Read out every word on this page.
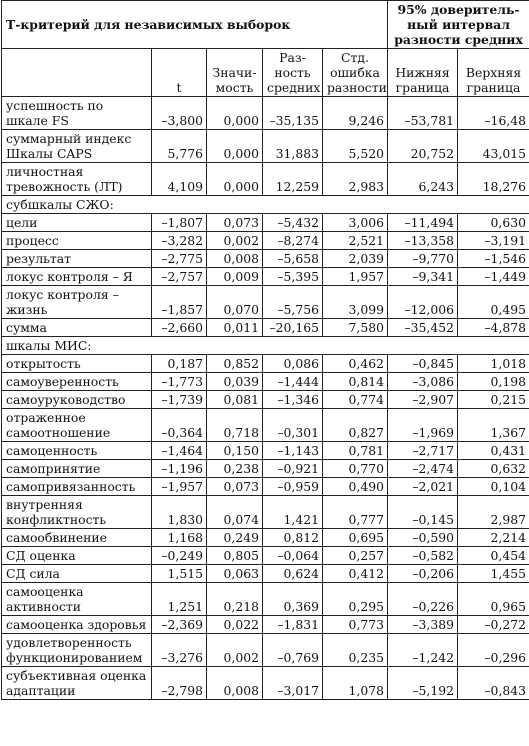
Т-критерий для независимых выборок					95% доверительный интервал разности средних	
	t	Значимость	Разность средних	Стд. ошибка разности	Нижняя граница	Верхняя граница
успешность по шкале FS	–3,800	0,000	–35,135	9,246	–53,781	–16,48
суммарный индекс Шкалы CAPS	5,776	0,000	31,883	5,520	20,752	43,015
личностная тревожность (ЛТ)	4,109	0,000	12,259	2,983	6,243	18,276
субшкалы СЖО:						
цели	–1,807	0,073	–5,432	3,006	–11,494	0,630
процесс	–3,282	0,002	–8,274	2,521	–13,358	–3,191
результат	–2,775	0,008	–5,658	2,039	–9,770	–1,546
локус контроля – Я	–2,757	0,009	–5,395	1,957	–9,341	–1,449
локус контроля – жизнь	–1,857	0,070	–5,756	3,099	–12,006	0,495
сумма	–2,660	0,011	–20,165	7,580	–35,452	–4,878
шкалы МИС:						
открытость	0,187	0,852	0,086	0,462	–0,845	1,018
самоуверенность	–1,773	0,039	–1,444	0,814	–3,086	0,198
самоуруководство	–1,739	0,081	–1,346	0,774	–2,907	0,215
отраженное самоотношение	–0,364	0,718	–0,301	0,827	–1,969	1,367
самоценность	–1,464	0,150	–1,143	0,781	–2,717	0,431
самопринятие	–1,196	0,238	–0,921	0,770	–2,474	0,632
самопривязанность	–1,957	0,073	–0,959	0,490	–2,021	0,104
внутренняя конфликтность	1,830	0,074	1,421	0,777	–0,145	2,987
самообвинение	1,168	0,249	0,812	0,695	–0,590	2,214
СД оценка	–0,249	0,805	–0,064	0,257	–0,582	0,454
СД сила	1,515	0,063	0,624	0,412	–0,206	1,455
самооценка активности	1,251	0,218	0,369	0,295	–0,226	0,965
самооценка здоровья	–2,369	0,022	–1,831	0,773	–3,389	–0,272
удовлетворенность функционированием	–3,276	0,002	–0,769	0,235	–1,242	–0,296
субъективная оценка адаптации	–2,798	0,008	–3,017	1,078	–5,192	–0,843
